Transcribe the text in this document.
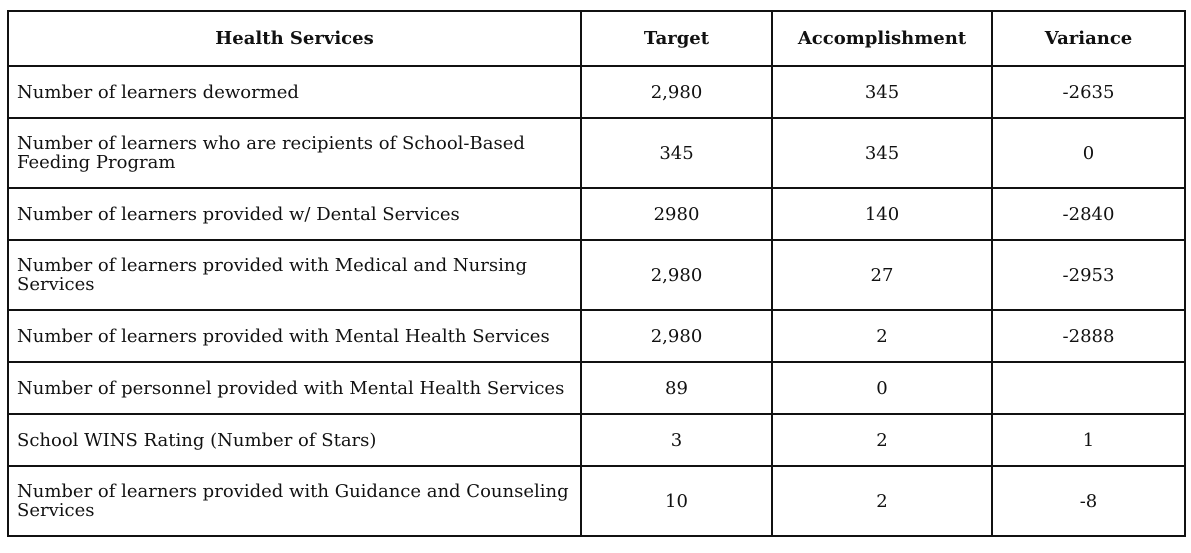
Health Services	Target	Accomplishment	Variance
Number of learners dewormed	2,980	345	-2635
Number of learners who are recipients of School-Based Feeding Program	345	345	0
Number of learners provided w/ Dental Services	2980	140	-2840
Number of learners provided with Medical and Nursing Services	2,980	27	-2953
Number of learners provided with Mental Health Services	2,980	2	-2888
Number of personnel provided with Mental Health Services	89	0	
School WINS Rating (Number of Stars)	3	2	1
Number of learners provided with Guidance and Counseling Services	10	2	-8
